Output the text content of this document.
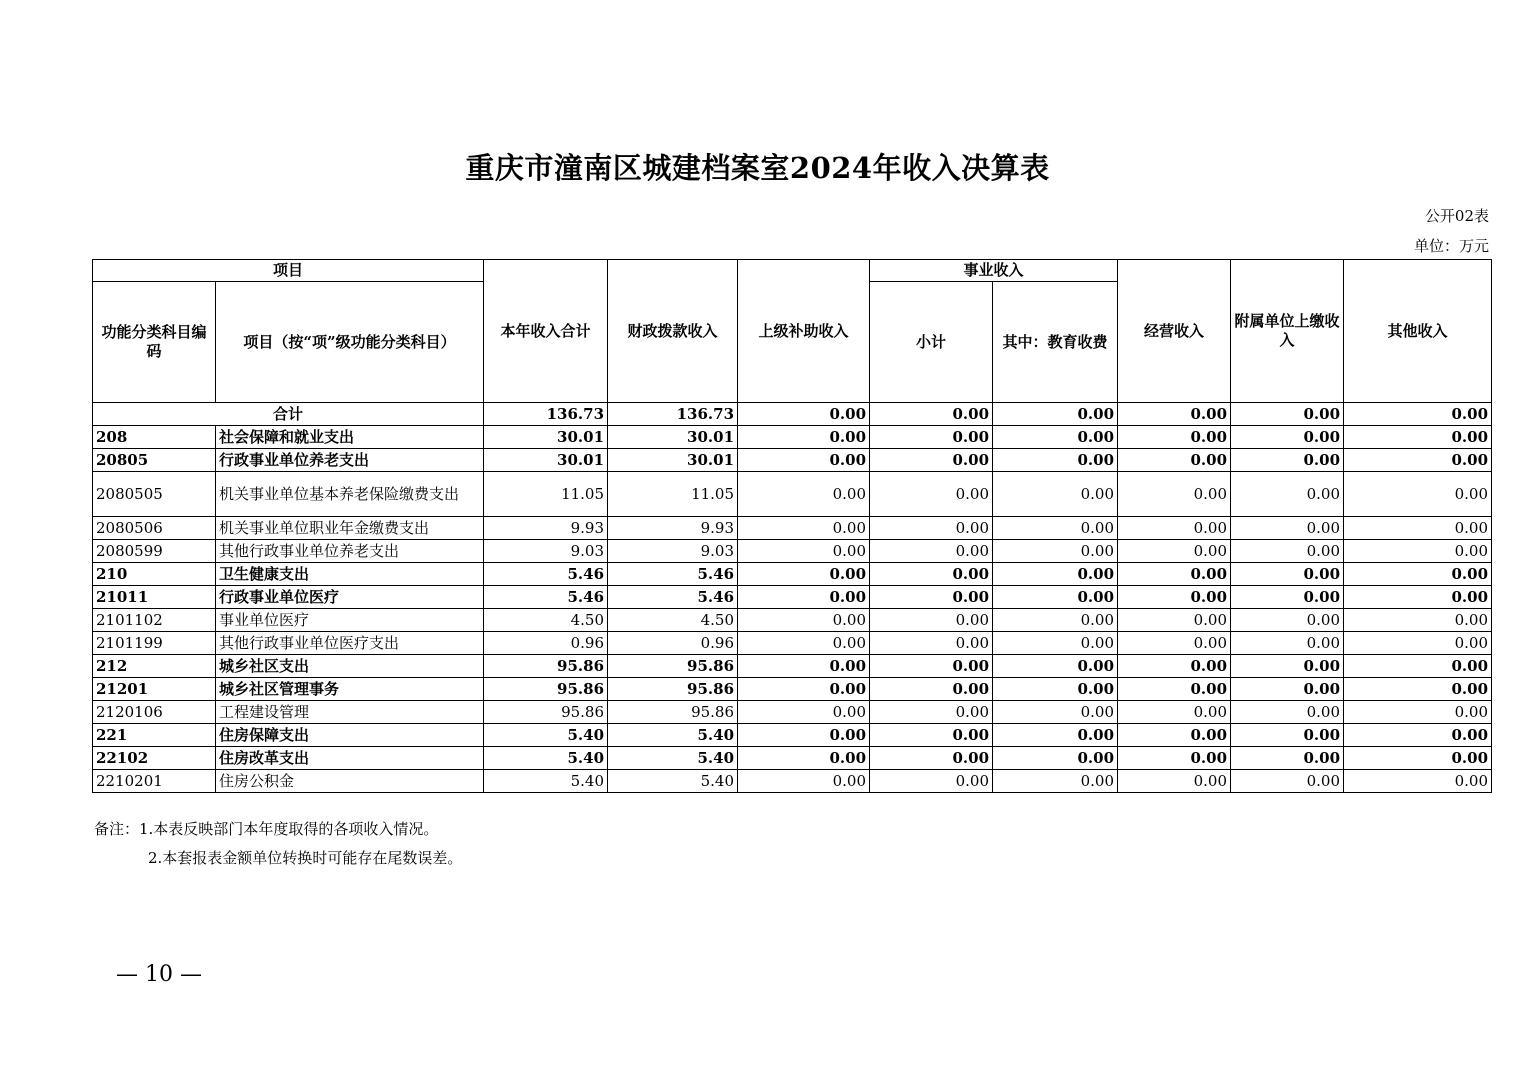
重庆市潼南区城建档案室2024年收入决算表
公开02表
单位：万元
项目		本年收入合计	财政拨款收入	上级补助收入	事业收入		经营收入	附属单位上缴收入	其他收入
功能分类科目编码	项目（按“项”级功能分类科目）				小计	其中：教育收费			
合计		136.73	136.73	0.00	0.00	0.00	0.00	0.00	0.00
208	社会保障和就业支出	30.01	30.01	0.00	0.00	0.00	0.00	0.00	0.00
20805	行政事业单位养老支出	30.01	30.01	0.00	0.00	0.00	0.00	0.00	0.00
2080505	机关事业单位基本养老保险缴费支出	11.05	11.05	0.00	0.00	0.00	0.00	0.00	0.00
2080506	机关事业单位职业年金缴费支出	9.93	9.93	0.00	0.00	0.00	0.00	0.00	0.00
2080599	其他行政事业单位养老支出	9.03	9.03	0.00	0.00	0.00	0.00	0.00	0.00
210	卫生健康支出	5.46	5.46	0.00	0.00	0.00	0.00	0.00	0.00
21011	行政事业单位医疗	5.46	5.46	0.00	0.00	0.00	0.00	0.00	0.00
2101102	事业单位医疗	4.50	4.50	0.00	0.00	0.00	0.00	0.00	0.00
2101199	其他行政事业单位医疗支出	0.96	0.96	0.00	0.00	0.00	0.00	0.00	0.00
212	城乡社区支出	95.86	95.86	0.00	0.00	0.00	0.00	0.00	0.00
21201	城乡社区管理事务	95.86	95.86	0.00	0.00	0.00	0.00	0.00	0.00
2120106	工程建设管理	95.86	95.86	0.00	0.00	0.00	0.00	0.00	0.00
221	住房保障支出	5.40	5.40	0.00	0.00	0.00	0.00	0.00	0.00
22102	住房改革支出	5.40	5.40	0.00	0.00	0.00	0.00	0.00	0.00
2210201	住房公积金	5.40	5.40	0.00	0.00	0.00	0.00	0.00	0.00
备注：1.本表反映部门本年度取得的各项收入情况。
2.本套报表金额单位转换时可能存在尾数误差。
— 10 —
